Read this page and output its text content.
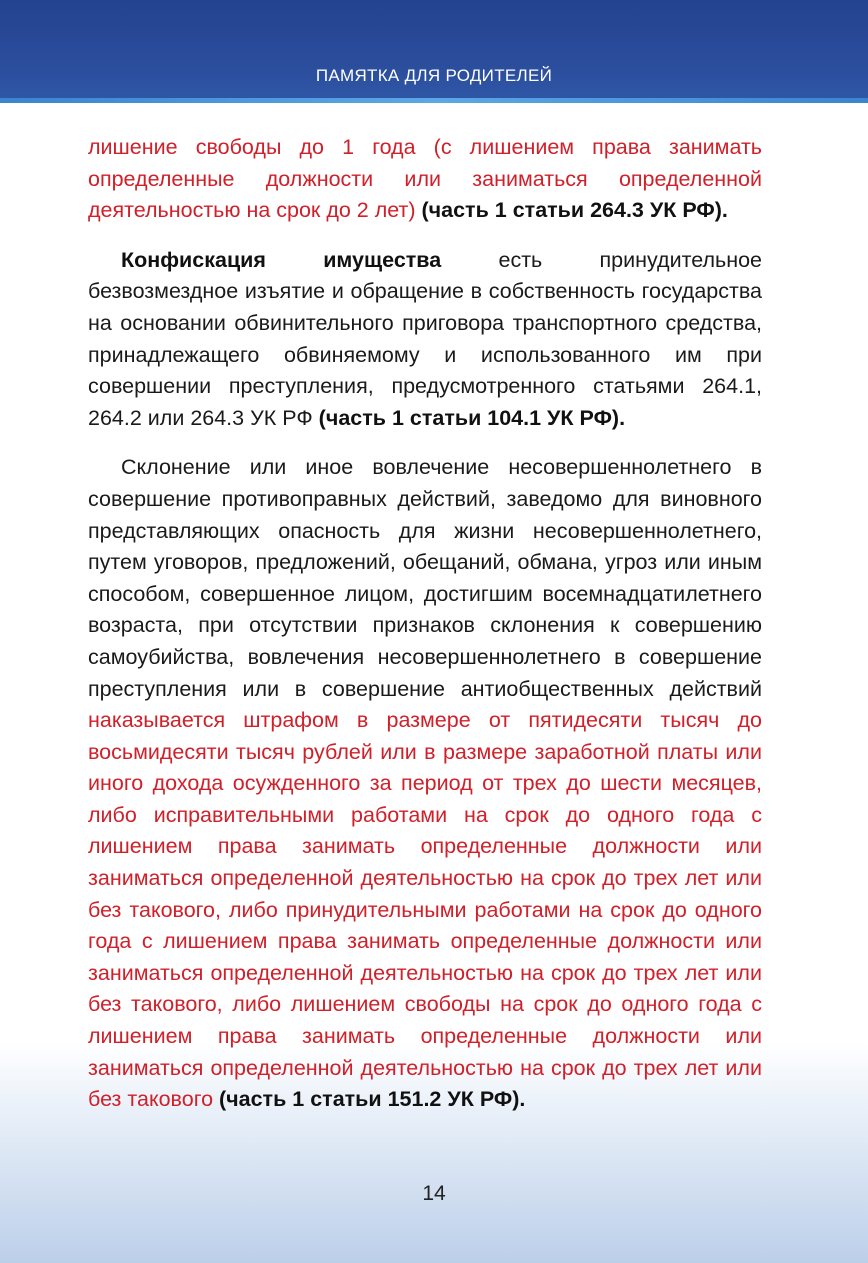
ПАМЯТКА ДЛЯ РОДИТЕЛЕЙ

лишение свободы до 1 года (с лишением права занимать определенные должности или заниматься определенной деятельностью на срок до 2 лет) (часть 1 статьи 264.3 УК РФ).

Конфискация имущества есть принудительное безвозмездное изъятие и обращение в собственность государства на основании обвинительного приговора транспортного средства, принадлежащего обвиняемому и использованного им при совершении преступления, предусмотренного статьями 264.1, 264.2 или 264.3 УК РФ (часть 1 статьи 104.1 УК РФ).

Склонение или иное вовлечение несовершеннолетнего в совершение противоправных действий, заведомо для виновного представляющих опасность для жизни несовершеннолетнего, путем уговоров, предложений, обещаний, обмана, угроз или иным способом, совершенное лицом, достигшим восемнадцатилетнего возраста, при отсутствии признаков склонения к совершению самоубийства, вовлечения несовершеннолетнего в совершение преступления или в совершение антиобщественных действий наказывается штрафом в размере от пятидесяти тысяч до восьмидесяти тысяч рублей или в размере заработной платы или иного дохода осужденного за период от трех до шести месяцев, либо исправительными работами на срок до одного года с лишением права занимать определенные должности или заниматься определенной деятельностью на срок до трех лет или без такового, либо принудительными работами на срок до одного года с лишением права занимать определенные должности или заниматься определенной деятельностью на срок до трех лет или без такового, либо лишением свободы на срок до одного года с лишением права занимать определенные должности или заниматься определенной деятельностью на срок до трех лет или без такового (часть 1 статьи 151.2 УК РФ).

14
